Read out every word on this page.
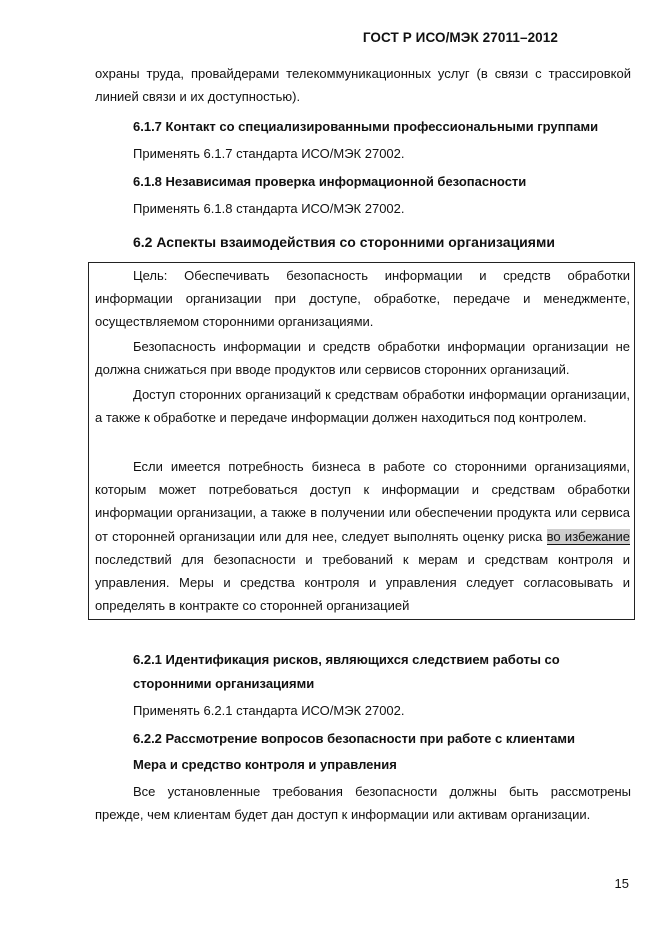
ГОСТ Р ИСО/МЭК 27011–2012
охраны труда, провайдерами телекоммуникационных услуг (в связи с трассировкой линией связи и их доступностью).
6.1.7 Контакт со специализированными профессиональными группами
Применять 6.1.7 стандарта ИСО/МЭК 27002.
6.1.8 Независимая проверка информационной безопасности
Применять 6.1.8 стандарта ИСО/МЭК 27002.
6.2 Аспекты взаимодействия со сторонними организациями
Цель: Обеспечивать безопасность информации и средств обработки информации организации при доступе, обработке, передаче и менеджменте, осуществляемом сторонними организациями.
Безопасность информации и средств обработки информации организации не должна снижаться при вводе продуктов или сервисов сторонних организаций.
Доступ сторонних организаций к средствам обработки информации организации, а также к обработке и передаче информации должен находиться под контролем.
Если имеется потребность бизнеса в работе со сторонними организациями, которым может потребоваться доступ к информации и средствам обработки информации организации, а также в получении или обеспечении продукта или сервиса от сторонней организации или для нее, следует выполнять оценку риска во избежание последствий для безопасности и требований к мерам и средствам контроля и управления. Меры и средства контроля и управления следует согласовывать и определять в контракте со сторонней организацией
6.2.1 Идентификация рисков, являющихся следствием работы со
сторонними организациями
Применять 6.2.1 стандарта ИСО/МЭК 27002.
6.2.2 Рассмотрение вопросов безопасности при работе с клиентами
Мера и средство контроля и управления
Все установленные требования безопасности должны быть рассмотрены прежде, чем клиентам будет дан доступ к информации или активам организации.
15
